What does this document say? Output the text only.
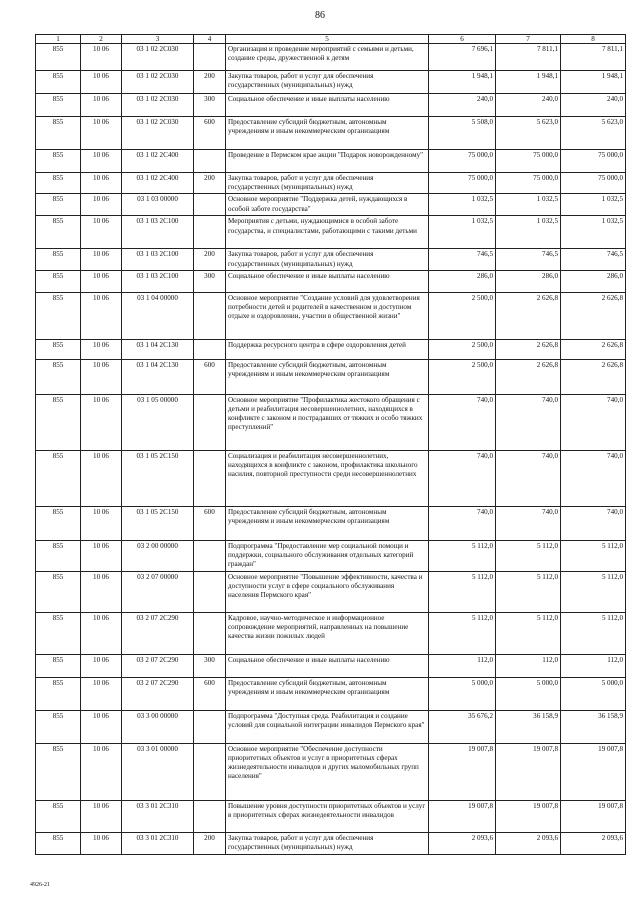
86
1	2	3	4	5	6	7	8
855	10 06	03 1 02 2C030		Организация и проведение мероприятий с семьями и детьми, создание среды, дружественной к детям	7 696,1	7 811,1	7 811,1
855	10 06	03 1 02 2C030	200	Закупка товаров, работ и услуг для обеспечения государственных (муниципальных) нужд	1 948,1	1 948,1	1 948,1
855	10 06	03 1 02 2C030	300	Социальное обеспечение и иные выплаты населению	240,0	240,0	240,0
855	10 06	03 1 02 2C030	600	Предоставление субсидий бюджетным, автономным учреждениям и иным некоммерческим организациям	5 508,0	5 623,0	5 623,0
855	10 06	03 1 02 2C400		Проведение в Пермском крае акции "Подарок новорожденному"	75 000,0	75 000,0	75 000,0
855	10 06	03 1 02 2C400	200	Закупка товаров, работ и услуг для обеспечения государственных (муниципальных) нужд	75 000,0	75 000,0	75 000,0
855	10 06	03 1 03 00000		Основное мероприятие "Поддержка детей, нуждающихся в особой заботе государства"	1 032,5	1 032,5	1 032,5
855	10 06	03 1 03 2C100		Мероприятия с детьми, нуждающимися в особой заботе государства, и специалистами, работающими с такими детьми	1 032,5	1 032,5	1 032,5
855	10 06	03 1 03 2C100	200	Закупка товаров, работ и услуг для обеспечения государственных (муниципальных) нужд	746,5	746,5	746,5
855	10 06	03 1 03 2C100	300	Социальное обеспечение и иные выплаты населению	286,0	286,0	286,0
855	10 06	03 1 04 00000		Основное мероприятие "Создание условий для удовлетворения потребности детей и родителей в качественном и доступном отдыхе и оздоровлении, участии в общественной жизни"	2 500,0	2 626,8	2 626,8
855	10 06	03 1 04 2C130		Поддержка ресурсного центра в сфере оздоровления детей	2 500,0	2 626,8	2 626,8
855	10 06	03 1 04 2C130	600	Предоставление субсидий бюджетным, автономным учреждениям и иным некоммерческим организациям	2 500,0	2 626,8	2 626,8
855	10 06	03 1 05 00000		Основное мероприятие "Профилактика жестокого обращения с детьми и реабилитация несовершеннолетних, находящихся в конфликте с законом и пострадавших от тяжких и особо тяжких преступлений"	740,0	740,0	740,0
855	10 06	03 1 05 2C150		Социализация и реабилитация несовершеннолетних, находящихся в конфликте с законом, профилактика школьного насилия, повторной преступности среди несовершеннолетних	740,0	740,0	740,0
855	10 06	03 1 05 2C150	600	Предоставление субсидий бюджетным, автономным учреждениям и иным некоммерческим организациям	740,0	740,0	740,0
855	10 06	03 2 00 00000		Подпрограмма "Предоставление мер социальной помощи и поддержки, социального обслуживания отдельных категорий граждан"	5 112,0	5 112,0	5 112,0
855	10 06	03 2 07 00000		Основное мероприятие "Повышение эффективности, качества и доступности услуг в сфере социального обслуживания населения Пермского края"	5 112,0	5 112,0	5 112,0
855	10 06	03 2 07 2C290		Кадровое, научно-методическое и информационное сопровождение мероприятий, направленных на повышение качества жизни пожилых людей	5 112,0	5 112,0	5 112,0
855	10 06	03 2 07 2C290	300	Социальное обеспечение и иные выплаты населению	112,0	112,0	112,0
855	10 06	03 2 07 2C290	600	Предоставление субсидий бюджетным, автономным учреждениям и иным некоммерческим организациям	5 000,0	5 000,0	5 000,0
855	10 06	03 3 00 00000		Подпрограмма "Доступная среда. Реабилитация и создание условий для социальной интеграции инвалидов Пермского края"	35 676,2	36 158,9	36 158,9
855	10 06	03 3 01 00000		Основное мероприятие "Обеспечение доступности приоритетных объектов и услуг в приоритетных сферах жизнедеятельности инвалидов и других маломобильных групп населения"	19 007,8	19 007,8	19 007,8
855	10 06	03 3 01 2C310		Повышение уровня доступности приоритетных объектов и услуг в приоритетных сферах жизнедеятельности инвалидов	19 007,8	19 007,8	19 007,8
855	10 06	03 3 01 2C310	200	Закупка товаров, работ и услуг для обеспечения государственных (муниципальных) нужд	2 093,6	2 093,6	2 093,6
4926-21
